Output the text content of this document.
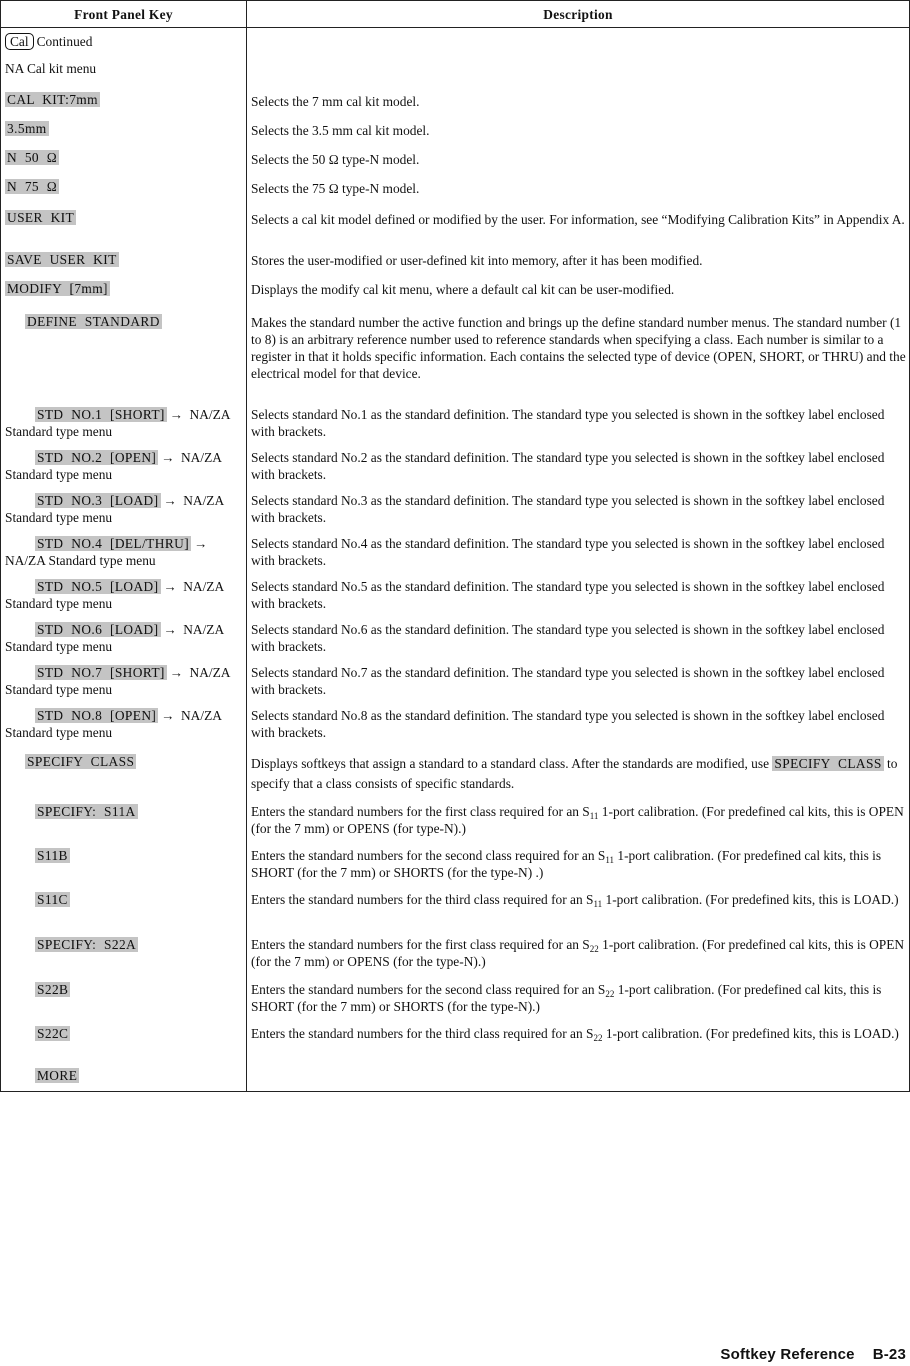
Front Panel Key	Description
Cal Continued
NA Cal kit menu	
CAL KIT:7mm	Selects the 7 mm cal kit model.
3.5mm	Selects the 3.5 mm cal kit model.
N 50 Ω	Selects the 50 Ω type-N model.
N 75 Ω	Selects the 75 Ω type-N model.
USER KIT	Selects a cal kit model defined or modified by the user. For information, see “Modifying Calibration Kits” in Appendix A.
SAVE USER KIT	Stores the user-modified or user-defined kit into memory, after it has been modified.
MODIFY [7mm]	Displays the modify cal kit menu, where a default cal kit can be user-modified.
DEFINE STANDARD	Makes the standard number the active function and brings up the define standard number menus. The standard number (1 to 8) is an arbitrary reference number used to reference standards when specifying a class. Each number is similar to a register in that it holds specific information. Each contains the selected type of device (OPEN, SHORT, or THRU) and the electrical model for that device.
STD NO.1 [SHORT] → NA/ZA Standard type menu	Selects standard No.1 as the standard definition. The standard type you selected is shown in the softkey label enclosed with brackets.
STD NO.2 [OPEN] → NA/ZA Standard type menu	Selects standard No.2 as the standard definition. The standard type you selected is shown in the softkey label enclosed with brackets.
STD NO.3 [LOAD] → NA/ZA Standard type menu	Selects standard No.3 as the standard definition. The standard type you selected is shown in the softkey label enclosed with brackets.
STD NO.4 [DEL/THRU] → NA/ZA Standard type menu	Selects standard No.4 as the standard definition. The standard type you selected is shown in the softkey label enclosed with brackets.
STD NO.5 [LOAD] → NA/ZA Standard type menu	Selects standard No.5 as the standard definition. The standard type you selected is shown in the softkey label enclosed with brackets.
STD NO.6 [LOAD] → NA/ZA Standard type menu	Selects standard No.6 as the standard definition. The standard type you selected is shown in the softkey label enclosed with brackets.
STD NO.7 [SHORT] → NA/ZA Standard type menu	Selects standard No.7 as the standard definition. The standard type you selected is shown in the softkey label enclosed with brackets.
STD NO.8 [OPEN] → NA/ZA Standard type menu	Selects standard No.8 as the standard definition. The standard type you selected is shown in the softkey label enclosed with brackets.
SPECIFY CLASS	Displays softkeys that assign a standard to a standard class. After the standards are modified, use SPECIFY CLASS to specify that a class consists of specific standards.
SPECIFY: S11A	Enters the standard numbers for the first class required for an $S_{11}$ 1-port calibration. (For predefined cal kits, this is OPEN (for the 7 mm) or OPENS (for type-N).)
S11B	Enters the standard numbers for the second class required for an $S_{11}$ 1-port calibration. (For predefined cal kits, this is SHORT (for the 7 mm) or SHORTS (for the type-N) .)
S11C	Enters the standard numbers for the third class required for an $S_{11}$ 1-port calibration. (For predefined kits, this is LOAD.)
SPECIFY: S22A	Enters the standard numbers for the first class required for an $S_{22}$ 1-port calibration. (For predefined cal kits, this is OPEN (for the 7 mm) or OPENS (for the type-N).)
S22B	Enters the standard numbers for the second class required for an $S_{22}$ 1-port calibration. (For predefined cal kits, this is SHORT (for the 7 mm) or SHORTS (for the type-N).)
S22C	Enters the standard numbers for the third class required for an $S_{22}$ 1-port calibration. (For predefined kits, this is LOAD.)
MORE	
Softkey Reference B-23
